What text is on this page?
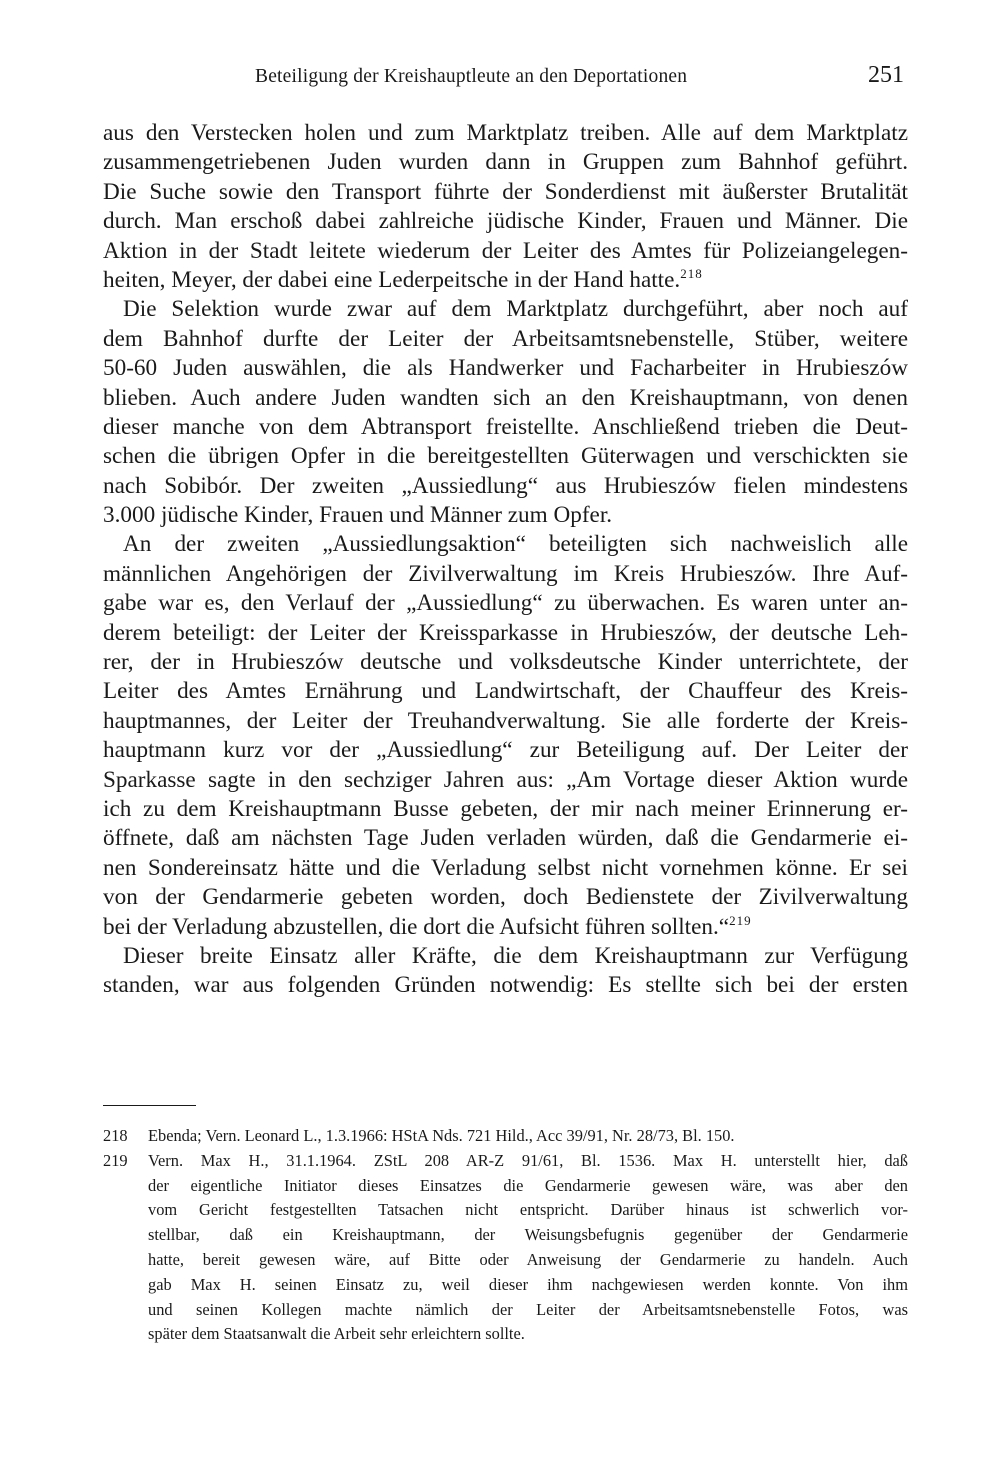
Beteiligung der Kreishauptleute an den Deportationen	251
aus den Verstecken holen und zum Marktplatz treiben. Alle auf dem Marktplatz
zusammengetriebenen Juden wurden dann in Gruppen zum Bahnhof geführt.
Die Suche sowie den Transport führte der Sonderdienst mit äußerster Brutalität
durch. Man erschoß dabei zahlreiche jüdische Kinder, Frauen und Männer. Die
Aktion in der Stadt leitete wiederum der Leiter des Amtes für Polizeiangelegen-
heiten, Meyer, der dabei eine Lederpeitsche in der Hand hatte.$^{218}$
Die Selektion wurde zwar auf dem Marktplatz durchgeführt, aber noch auf
dem Bahnhof durfte der Leiter der Arbeitsamtsnebenstelle, Stüber, weitere
50-60 Juden auswählen, die als Handwerker und Facharbeiter in Hrubieszów
blieben. Auch andere Juden wandten sich an den Kreishauptmann, von denen
dieser manche von dem Abtransport freistellte. Anschließend trieben die Deut-
schen die übrigen Opfer in die bereitgestellten Güterwagen und verschickten sie
nach Sobibór. Der zweiten „Aussiedlung“ aus Hrubieszów fielen mindestens
3.000 jüdische Kinder, Frauen und Männer zum Opfer.
An der zweiten „Aussiedlungsaktion“ beteiligten sich nachweislich alle
männlichen Angehörigen der Zivilverwaltung im Kreis Hrubieszów. Ihre Auf-
gabe war es, den Verlauf der „Aussiedlung“ zu überwachen. Es waren unter an-
derem beteiligt: der Leiter der Kreissparkasse in Hrubieszów, der deutsche Leh-
rer, der in Hrubieszów deutsche und volksdeutsche Kinder unterrichtete, der
Leiter des Amtes Ernährung und Landwirtschaft, der Chauffeur des Kreis-
hauptmannes, der Leiter der Treuhandverwaltung. Sie alle forderte der Kreis-
hauptmann kurz vor der „Aussiedlung“ zur Beteiligung auf. Der Leiter der
Sparkasse sagte in den sechziger Jahren aus: „Am Vortage dieser Aktion wurde
ich zu dem Kreishauptmann Busse gebeten, der mir nach meiner Erinnerung er-
öffnete, daß am nächsten Tage Juden verladen würden, daß die Gendarmerie ei-
nen Sondereinsatz hätte und die Verladung selbst nicht vornehmen könne. Er sei
von der Gendarmerie gebeten worden, doch Bedienstete der Zivilverwaltung
bei der Verladung abzustellen, die dort die Aufsicht führen sollten.“$^{219}$
Dieser breite Einsatz aller Kräfte, die dem Kreishauptmann zur Verfügung
standen, war aus folgenden Gründen notwendig: Es stellte sich bei der ersten
218	Ebenda; Vern. Leonard L., 1.3.1966: HStA Nds. 721 Hild., Acc 39/91, Nr. 28/73, Bl. 150.
219	Vern. Max H., 31.1.1964. ZStL 208 AR-Z 91/61, Bl. 1536. Max H. unterstellt hier, daß
der eigentliche Initiator dieses Einsatzes die Gendarmerie gewesen wäre, was aber den
vom Gericht festgestellten Tatsachen nicht entspricht. Darüber hinaus ist schwerlich vor-
stellbar, daß ein Kreishauptmann, der Weisungsbefugnis gegenüber der Gendarmerie
hatte, bereit gewesen wäre, auf Bitte oder Anweisung der Gendarmerie zu handeln. Auch
gab Max H. seinen Einsatz zu, weil dieser ihm nachgewiesen werden konnte. Von ihm
und seinen Kollegen machte nämlich der Leiter der Arbeitsamtsnebenstelle Fotos, was
später dem Staatsanwalt die Arbeit sehr erleichtern sollte.
